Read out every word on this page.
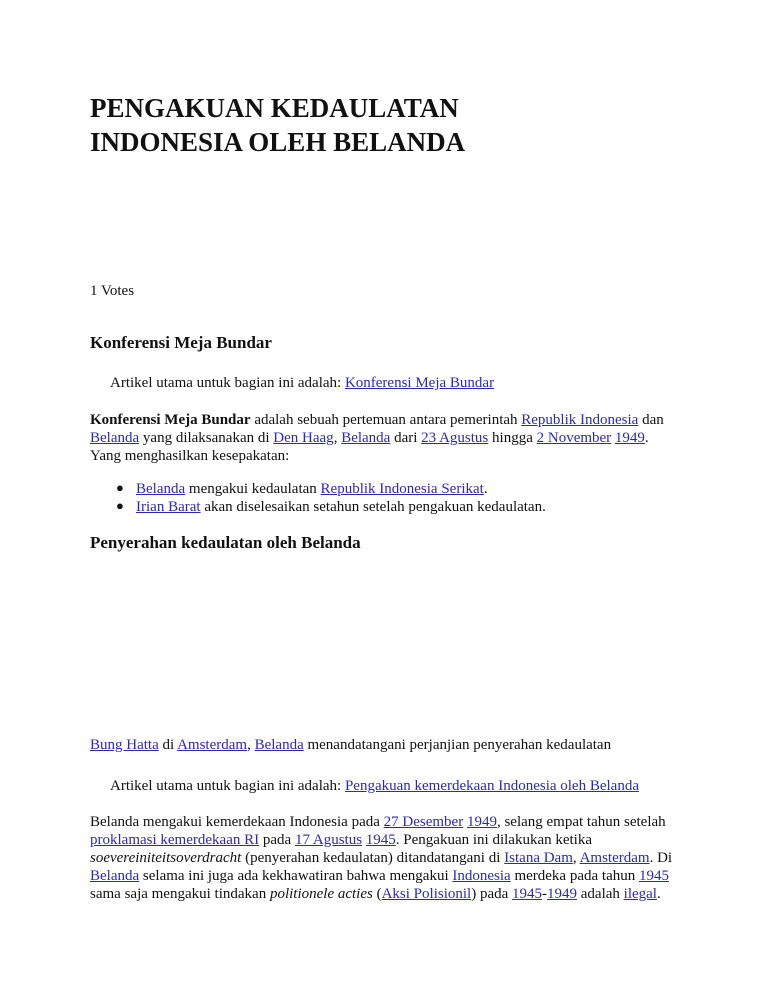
PENGAKUAN KEDAULATAN
INDONESIA OLEH BELANDA
1 Votes
Konferensi Meja Bundar
Artikel utama untuk bagian ini adalah: Konferensi Meja Bundar
Konferensi Meja Bundar adalah sebuah pertemuan antara pemerintah Republik Indonesia dan
Belanda yang dilaksanakan di Den Haag, Belanda dari 23 Agustus hingga 2 November 1949.
Yang menghasilkan kesepakatan:
● Belanda mengakui kedaulatan Republik Indonesia Serikat.
● Irian Barat akan diselesaikan setahun setelah pengakuan kedaulatan.
Penyerahan kedaulatan oleh Belanda
Bung Hatta di Amsterdam, Belanda menandatangani perjanjian penyerahan kedaulatan
Artikel utama untuk bagian ini adalah: Pengakuan kemerdekaan Indonesia oleh Belanda
Belanda mengakui kemerdekaan Indonesia pada 27 Desember 1949, selang empat tahun setelah
proklamasi kemerdekaan RI pada 17 Agustus 1945. Pengakuan ini dilakukan ketika
soevereiniteitsoverdracht (penyerahan kedaulatan) ditandatangani di Istana Dam, Amsterdam. Di
Belanda selama ini juga ada kekhawatiran bahwa mengakui Indonesia merdeka pada tahun 1945
sama saja mengakui tindakan politionele acties (Aksi Polisionil) pada 1945-1949 adalah ilegal.
